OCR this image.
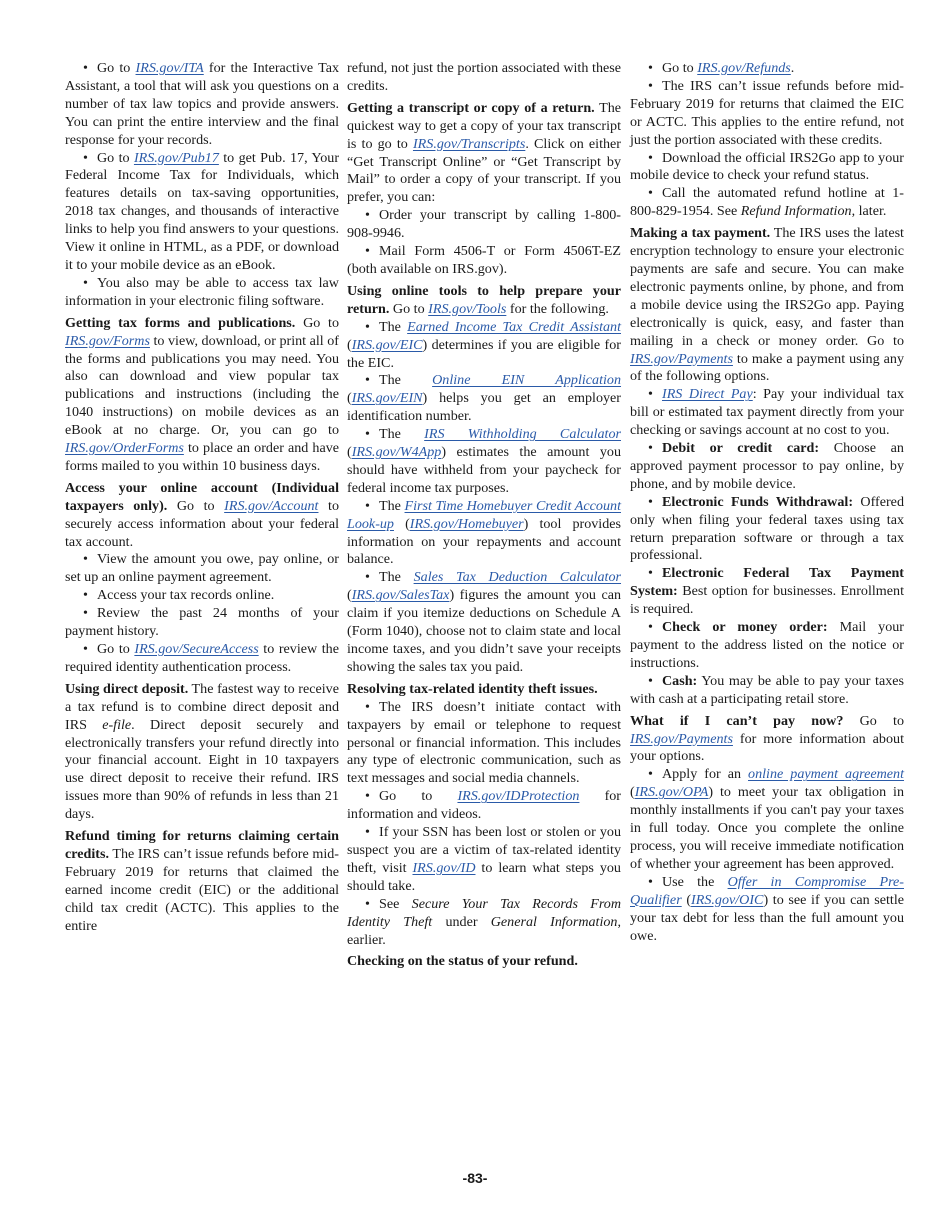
• Go to IRS.gov/ITA for the Interactive Tax Assistant, a tool that will ask you questions on a number of tax law topics and provide answers. You can print the entire interview and the final response for your records.

• Go to IRS.gov/Pub17 to get Pub. 17, Your Federal Income Tax for Individuals, which features details on tax-saving opportunities, 2018 tax changes, and thousands of interactive links to help you find answers to your questions. View it online in HTML, as a PDF, or download it to your mobile device as an eBook.

• You also may be able to access tax law information in your electronic filing software.

Getting tax forms and publications. Go to IRS.gov/Forms to view, download, or print all of the forms and publications you may need. You also can download and view popular tax publications and instructions (including the 1040 instructions) on mobile devices as an eBook at no charge. Or, you can go to IRS.gov/OrderForms to place an order and have forms mailed to you within 10 business days.

Access your online account (Individual taxpayers only). Go to IRS.gov/Account to securely access information about your federal tax account.

• View the amount you owe, pay online, or set up an online payment agreement.

• Access your tax records online.

• Review the past 24 months of your payment history.

• Go to IRS.gov/SecureAccess to review the required identity authentication process.

Using direct deposit. The fastest way to receive a tax refund is to combine direct deposit and IRS e-file. Direct deposit securely and electronically transfers your refund directly into your financial account. Eight in 10 taxpayers use direct deposit to receive their refund. IRS issues more than 90% of refunds in less than 21 days.

Refund timing for returns claiming certain credits. The IRS can’t issue refunds before mid-February 2019 for returns that claimed the earned income credit (EIC) or the additional child tax credit (ACTC). This applies to the entire

refund, not just the portion associated with these credits.

Getting a transcript or copy of a return. The quickest way to get a copy of your tax transcript is to go to IRS.gov/Transcripts. Click on either “Get Transcript Online” or “Get Transcript by Mail” to order a copy of your transcript. If you prefer, you can:

• Order your transcript by calling 1-800-908-9946.

• Mail Form 4506-T or Form 4506T-EZ (both available on IRS.gov).

Using online tools to help prepare your return. Go to IRS.gov/Tools for the following.

• The Earned Income Tax Credit Assistant (IRS.gov/EIC) determines if you are eligible for the EIC.

• The Online EIN Application (IRS.gov/EIN) helps you get an employer identification number.

• The IRS Withholding Calculator (IRS.gov/W4App) estimates the amount you should have withheld from your paycheck for federal income tax purposes.

• The First Time Homebuyer Credit Account Look-up (IRS.gov/Homebuyer) tool provides information on your repayments and account balance.

• The Sales Tax Deduction Calculator (IRS.gov/SalesTax) figures the amount you can claim if you itemize deductions on Schedule A (Form 1040), choose not to claim state and local income taxes, and you didn’t save your receipts showing the sales tax you paid.

Resolving tax-related identity theft issues.

• The IRS doesn’t initiate contact with taxpayers by email or telephone to request personal or financial information. This includes any type of electronic communication, such as text messages and social media channels.

• Go to IRS.gov/IDProtection for information and videos.

• If your SSN has been lost or stolen or you suspect you are a victim of tax-related identity theft, visit IRS.gov/ID to learn what steps you should take.

• See Secure Your Tax Records From Identity Theft under General Information, earlier.

Checking on the status of your refund.

• Go to IRS.gov/Refunds.

• The IRS can’t issue refunds before mid-February 2019 for returns that claimed the EIC or ACTC. This applies to the entire refund, not just the portion associated with these credits.

• Download the official IRS2Go app to your mobile device to check your refund status.

• Call the automated refund hotline at 1-800-829-1954. See Refund Information, later.

Making a tax payment. The IRS uses the latest encryption technology to ensure your electronic payments are safe and secure. You can make electronic payments online, by phone, and from a mobile device using the IRS2Go app. Paying electronically is quick, easy, and faster than mailing in a check or money order. Go to IRS.gov/Payments to make a payment using any of the following options.

• IRS Direct Pay: Pay your individual tax bill or estimated tax payment directly from your checking or savings account at no cost to you.

• Debit or credit card: Choose an approved payment processor to pay online, by phone, and by mobile device.

• Electronic Funds Withdrawal: Offered only when filing your federal taxes using tax return preparation software or through a tax professional.

• Electronic Federal Tax Payment System: Best option for businesses. Enrollment is required.

• Check or money order: Mail your payment to the address listed on the notice or instructions.

• Cash: You may be able to pay your taxes with cash at a participating retail store.

What if I can’t pay now? Go to IRS.gov/Payments for more information about your options.

• Apply for an online payment agreement (IRS.gov/OPA) to meet your tax obligation in monthly installments if you can't pay your taxes in full today. Once you complete the online process, you will receive immediate notification of whether your agreement has been approved.

• Use the Offer in Compromise Pre-Qualifier (IRS.gov/OIC) to see if you can settle your tax debt for less than the full amount you owe.

-83-
